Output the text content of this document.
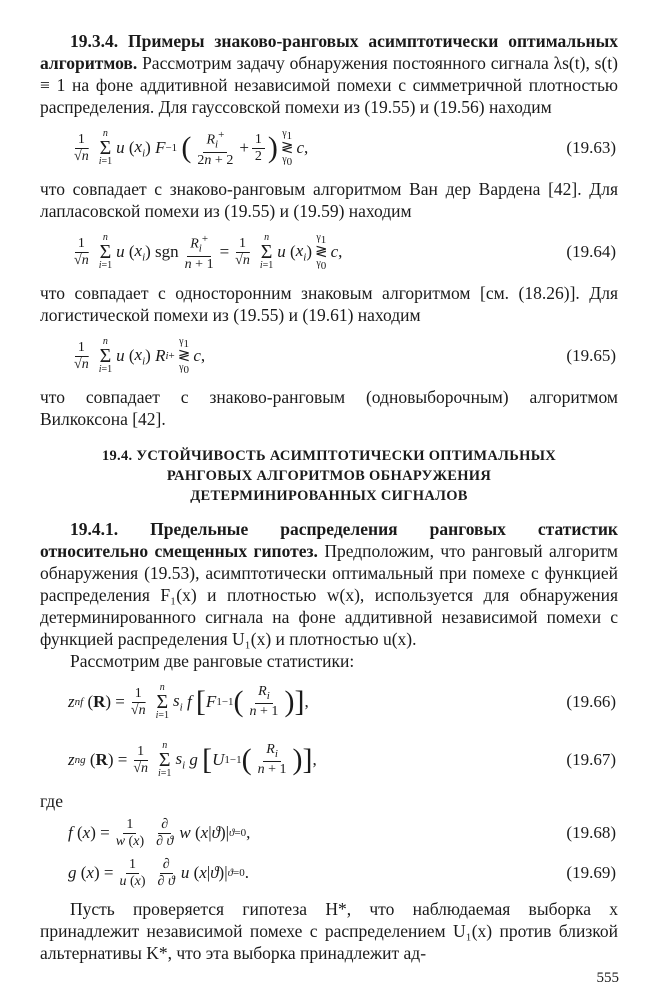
19.3.4. Примеры знаково-ранговых асимптотически оптимальных алгоритмов. Рассмотрим задачу обнаружения постоянного сигнала λs(t), s(t) ≡ 1 на фоне аддитивной независимой помехи с симметричной плотностью распределения. Для гауссовской помехи из (19.55) и (19.56) находим

$\frac{1}{√n}$ n
Σ
i=1
u ( $x_i$ ) F −1
( $\frac{R_i^+}{2n + 2} + \frac{1}{2}$ ) $\gamma_1$
≷
$\gamma_0$
c ,	(19.63)

что совпадает с знаково-ранговым алгоритмом Ван дер Вардена [42]. Для лапласовской помехи из (19.55) и (19.59) находим

$\frac{1}{√n}$ n
Σ
i=1
u ( $x_i$ ) sgn $\frac{R_i^+}{n + 1} = \frac{1}{√n}$ n
Σ
i=1
u ( $x_i$ )
$\gamma_1$
≷
$\gamma_0$
c ,	(19.64)

что совпадает с односторонним знаковым алгоритмом [см. (18.26)]. Для логистической помехи из (19.55) и (19.61) находим

$\frac{1}{√n}$ n
Σ
i=1
u ( $x_i$ ) R i +
$\gamma_1$
≷
$\gamma_0$
c ,	(19.65)

что совпадает с знаково-ранговым (одновыборочным) алгоритмом Вилкоксона [42].

19.4. УСТОЙЧИВОСТЬ АСИМПТОТИЧЕСКИ ОПТИМАЛЬНЫХ РАНГОВЫХ АЛГОРИТМОВ ОБНАРУЖЕНИЯ ДЕТЕРМИНИРОВАННЫХ СИГНАЛОВ

19.4.1. Предельные распределения ранговых статистик относительно смещенных гипотез. Предположим, что ранговый алгоритм обнаружения (19.53), асимптотически оптимальный при помехе с функцией распределения F₁(x) и плотностью w(x), используется для обнаружения детерминированного сигнала на фоне аддитивной независимой помехи с функцией распределения U₁(x) и плотностью u(x).

Рассмотрим две ранговые статистики:

z nf ( R ) = $\frac{1}{√n}$ n
Σ
i=1
$s_i$
f
[ F 1 −1 ( $\frac{R_i}{n + 1}$ ) ] ,	(19.66)
z ng ( R ) = $\frac{1}{√n}$ n
Σ
i=1
$s_i$
g
[ U 1 −1 ( $\frac{R_i}{n + 1}$ ) ] ,	(19.67)

где

f ( x ) = $\frac{1}{w (x)} \frac{\partial}{\partial ϑ}$ w ( x | ϑ )| ϑ=0 ,	(19.68)
g ( x ) = $\frac{1}{u (x)} \frac{\partial}{\partial ϑ}$ u ( x | ϑ )| ϑ=0 .	(19.69)

Пусть проверяется гипотеза H*, что наблюдаемая выборка x принадлежит независимой помехе с распределением U₁(x) против близкой альтернативы K*, что эта выборка принадлежит ад-

555
